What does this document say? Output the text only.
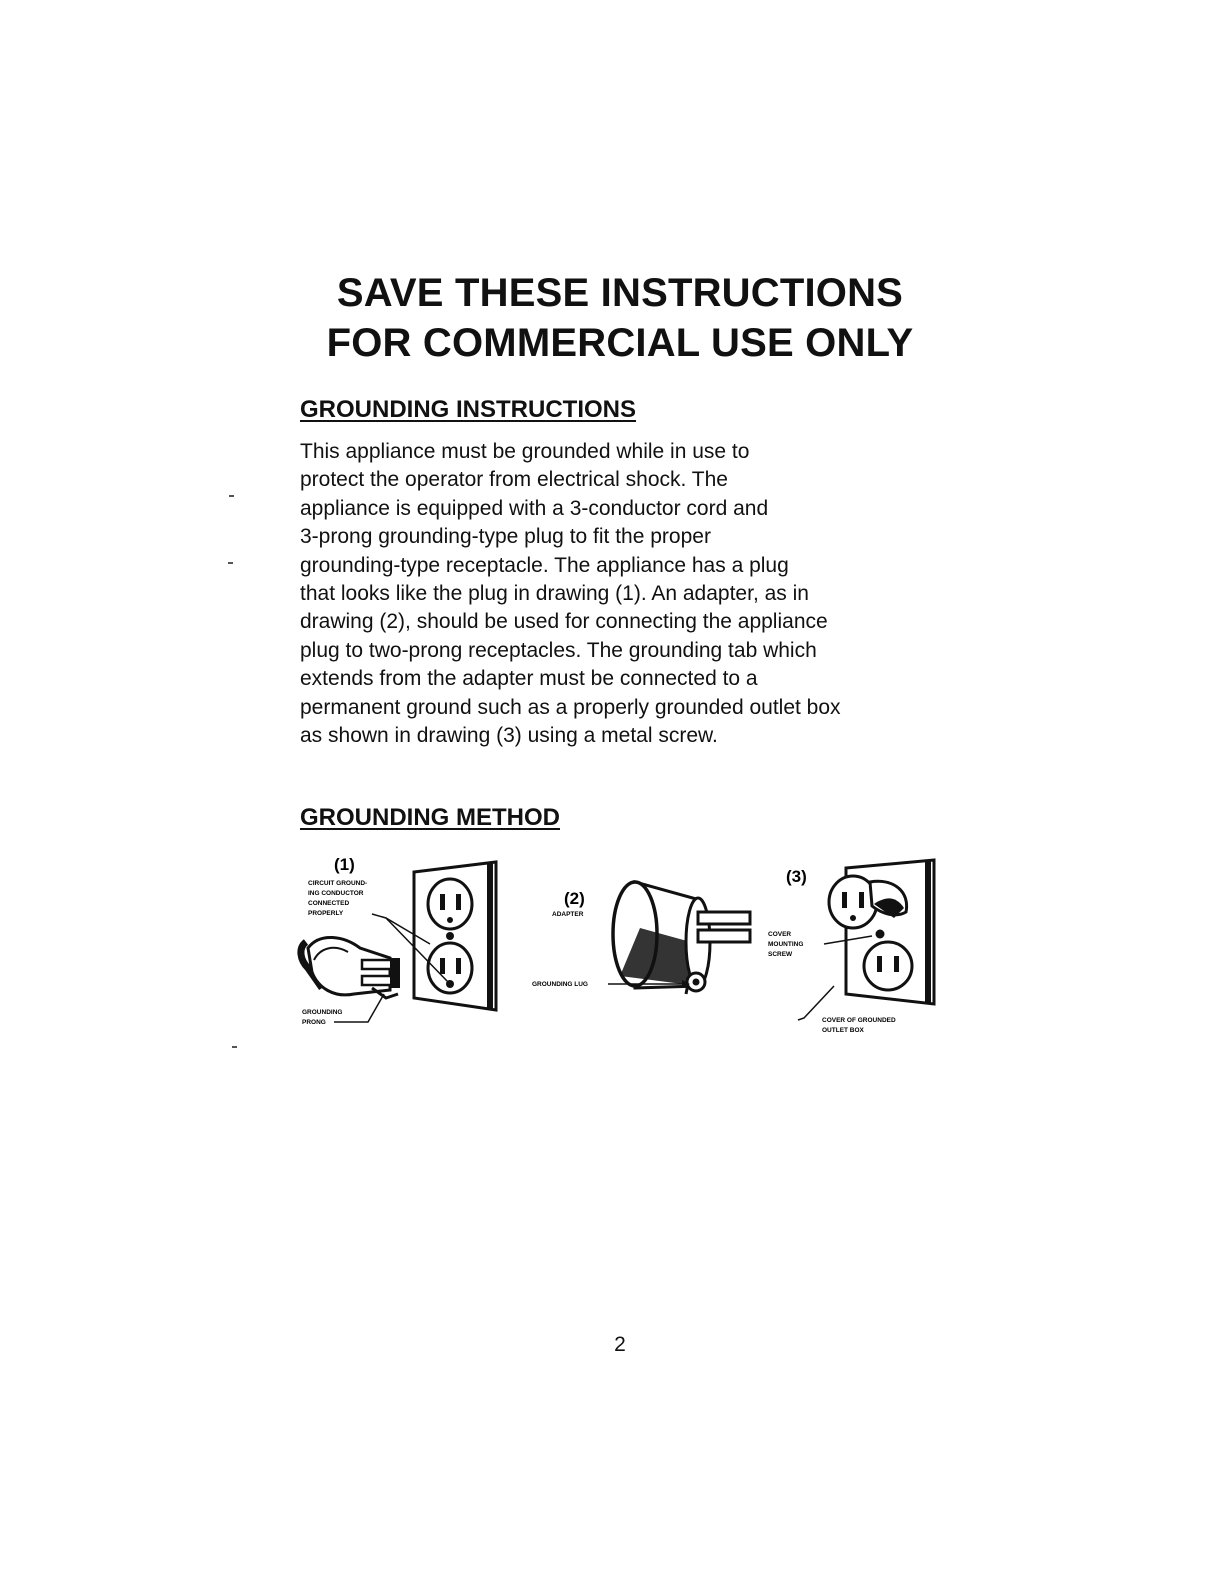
SAVE THESE INSTRUCTIONS
FOR COMMERCIAL USE ONLY
GROUNDING INSTRUCTIONS

This appliance must be grounded while in use to
protect the operator from electrical shock. The
appliance is equipped with a 3-conductor cord and
3-prong grounding-type plug to fit the proper
grounding-type receptacle. The appliance has a plug
that looks like the plug in drawing (1). An adapter, as in
drawing (2), should be used for connecting the appliance
plug to two-prong receptacles. The grounding tab which
extends from the adapter must be connected to a
permanent ground such as a properly grounded outlet box
as shown in drawing (3) using a metal screw.

GROUNDING METHOD
(1)
CIRCUIT GROUND- ING CONDUCTOR CONNECTED PROPERLY
GROUNDING PRONG
(2)
ADAPTER
GROUNDING LUG
(3)
COVER MOUNTING SCREW
COVER OF GROUNDED OUTLET BOX

2
